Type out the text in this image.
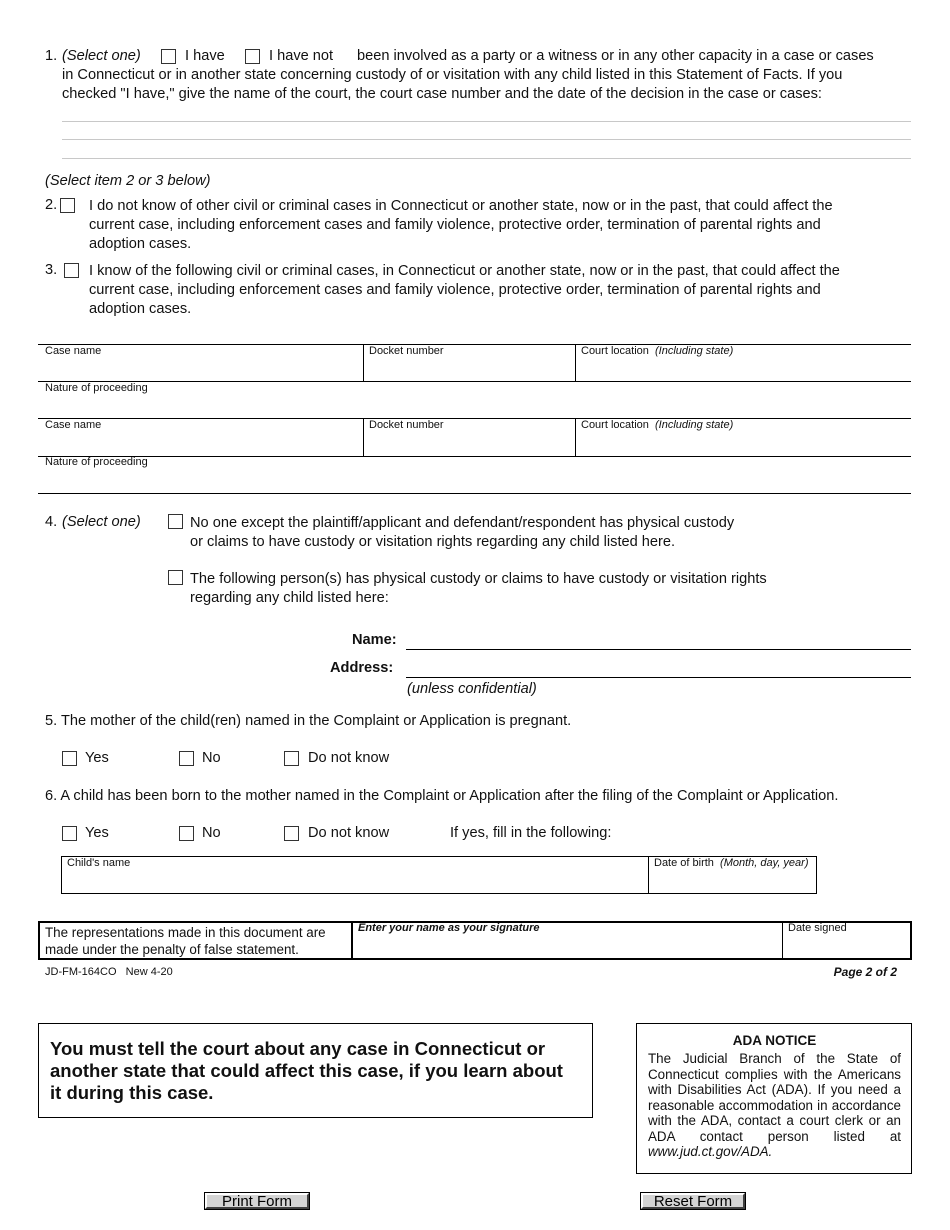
1. (Select one)	I have	I have not been involved as a party or a witness or in any other capacity in a case or cases
in Connecticut or in another state concerning custody of or visitation with any child listed in this Statement of Facts. If you
checked "I have," give the name of the court, the court case number and the date of the decision in the case or cases:
(Select item 2 or 3 below)
2. I do not know of other civil or criminal cases in Connecticut or another state, now or in the past, that could affect the
current case, including enforcement cases and family violence, protective order, termination of parental rights and
adoption cases.
3. I know of the following civil or criminal cases, in Connecticut or another state, now or in the past, that could affect the
current case, including enforcement cases and family violence, protective order, termination of parental rights and
adoption cases.
Case name	Docket number	Court location (Including state)
Nature of proceeding
Case name	Docket number	Court location (Including state)
Nature of proceeding
4. (Select one)	No one except the plaintiff/applicant and defendant/respondent has physical custody
or claims to have custody or visitation rights regarding any child listed here.
The following person(s) has physical custody or claims to have custody or visitation rights
regarding any child listed here:
Name:
Address:
(unless confidential)
5. The mother of the child(ren) named in the Complaint or Application is pregnant.
Yes	No	Do not know
6. A child has been born to the mother named in the Complaint or Application after the filing of the Complaint or Application.
Yes	No	Do not know	If yes, fill in the following:
Child's name	Date of birth (Month, day, year)
The representations made in this document are
made under the penalty of false statement.
Enter your name as your signature	Date signed
JD-FM-164CO   New 4-20	Page 2 of 2
You must tell the court about any case in Connecticut or
another state that could affect this case, if you learn about
it during this case.
ADA NOTICE
The Judicial Branch of the State of Connecticut complies with the Americans with Disabilities Act (ADA). If you need a reasonable accommodation in accordance with the ADA, contact a court clerk or an ADA contact person listed at www.jud.ct.gov/ADA.
Print Form	Reset Form
